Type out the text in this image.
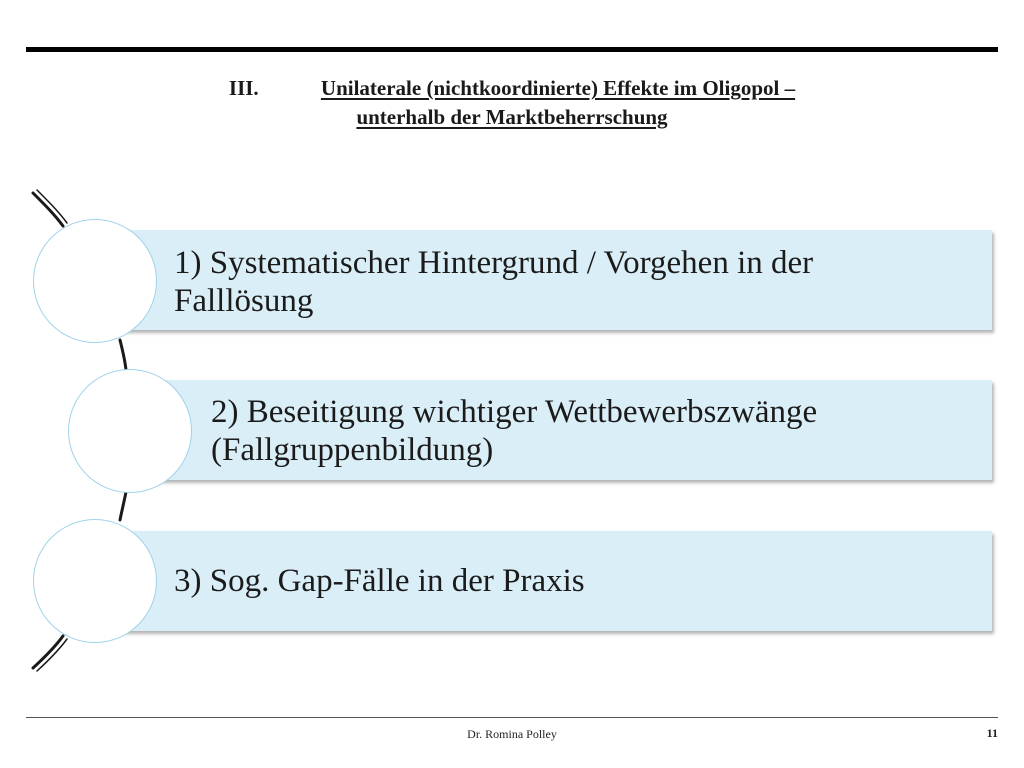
III.	Unilaterale (nichtkoordinierte) Effekte im Oligopol –
unterhalb der Marktbeherrschung
1) Systematischer Hintergrund / Vorgehen in der
Falllösung
2) Beseitigung wichtiger Wettbewerbszwänge
(Fallgruppenbildung)
3) Sog. Gap-Fälle in der Praxis
Dr. Romina Polley	11
